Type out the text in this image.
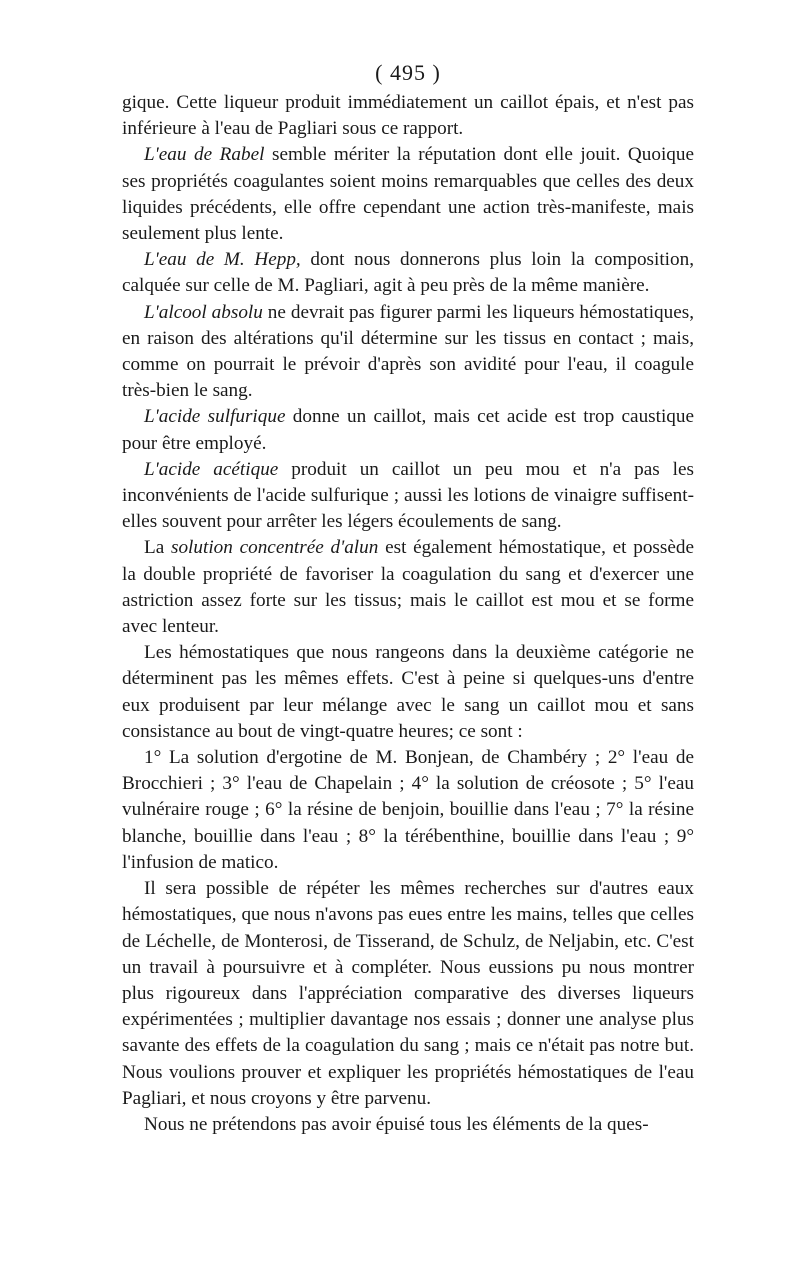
( 495 )

gique. Cette liqueur produit immédiatement un caillot épais, et n'est pas inférieure à l'eau de Pagliari sous ce rapport.

L'eau de Rabel semble mériter la réputation dont elle jouit. Quoique ses propriétés coagulantes soient moins remarquables que celles des deux liquides précédents, elle offre cependant une action très-manifeste, mais seulement plus lente.

L'eau de M. Hepp, dont nous donnerons plus loin la composition, calquée sur celle de M. Pagliari, agit à peu près de la même manière.

L'alcool absolu ne devrait pas figurer parmi les liqueurs hémostatiques, en raison des altérations qu'il détermine sur les tissus en contact ; mais, comme on pourrait le prévoir d'après son avidité pour l'eau, il coagule très-bien le sang.

L'acide sulfurique donne un caillot, mais cet acide est trop caustique pour être employé.

L'acide acétique produit un caillot un peu mou et n'a pas les inconvénients de l'acide sulfurique ; aussi les lotions de vinaigre suffisent-elles souvent pour arrêter les légers écoulements de sang.

La solution concentrée d'alun est également hémostatique, et possède la double propriété de favoriser la coagulation du sang et d'exercer une astriction assez forte sur les tissus; mais le caillot est mou et se forme avec lenteur.

Les hémostatiques que nous rangeons dans la deuxième catégorie ne déterminent pas les mêmes effets. C'est à peine si quelques-uns d'entre eux produisent par leur mélange avec le sang un caillot mou et sans consistance au bout de vingt-quatre heures; ce sont :

1° La solution d'ergotine de M. Bonjean, de Chambéry ; 2° l'eau de Brocchieri ; 3° l'eau de Chapelain ; 4° la solution de créosote ; 5° l'eau vulnéraire rouge ; 6° la résine de benjoin, bouillie dans l'eau ; 7° la résine blanche, bouillie dans l'eau ; 8° la térébenthine, bouillie dans l'eau ; 9° l'infusion de matico.

Il sera possible de répéter les mêmes recherches sur d'autres eaux hémostatiques, que nous n'avons pas eues entre les mains, telles que celles de Léchelle, de Monterosi, de Tisserand, de Schulz, de Neljabin, etc. C'est un travail à poursuivre et à compléter. Nous eussions pu nous montrer plus rigoureux dans l'appréciation comparative des diverses liqueurs expérimentées ; multiplier davantage nos essais ; donner une analyse plus savante des effets de la coagulation du sang ; mais ce n'était pas notre but. Nous voulions prouver et expliquer les propriétés hémostatiques de l'eau Pagliari, et nous croyons y être parvenu.

Nous ne prétendons pas avoir épuisé tous les éléments de la ques-
